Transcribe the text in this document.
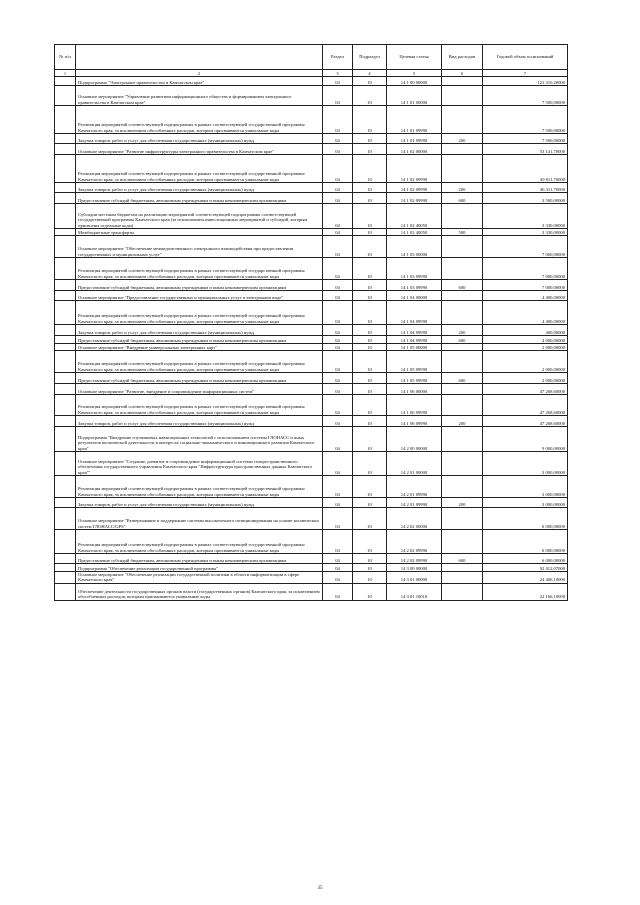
№ п/п		Раздел	Подраздел	Целевая статья	Вид расходов	Годовой объем ассигнований
1	2	3	4	5	6	7
	Подпрограмма "Электронное правительство в Камчатском крае"	04	10	14 1 00 00000		121 310,20000
	Основное мероприятие "Управление развитием информационного общества и формированием электронного правительства в Камчатском крае"	04	10	14 1 01 00000		7 500,00000
	Реализация мероприятий соответствующей подпрограммы в рамках соответствующей государственной программы Камчатского края, за исключением обособленных расходов, которым присваиваются уникальные коды	04	10	14 1 01 09990		7 500,00000
	Закупка товаров, работ и услуг для обеспечения государственных (муниципальных) нужд	04	10	14 1 01 09990	200	7 500,00000
	Основное мероприятие "Развитие инфраструктуры электронного правительства в Камчатском крае"	04	10	14 1 02 00000		53 141,70000
	Реализация мероприятий соответствующей подпрограммы в рамках соответствующей государственной программы Камчатского края, за исключением обособленных расходов, которым присваиваются уникальные коды	04	10	14 1 02 09990		49 811,70000
	Закупка товаров, работ и услуг для обеспечения государственных (муниципальных) нужд	04	10	14 1 02 09990	200	46 311,70000
	Предоставление субсидий бюджетным, автономным учреждениям и иным некоммерческим организациям	04	10	14 1 02 09990	600	3 500,00000
	Субсидии местным бюджетам на реализацию мероприятий соответствующей подпрограммы соответствующей государственной программы Камчатского края (за исключением инвестиционных мероприятий и субсидий, которым присвоены отдельные коды)	04	10	14 1 02 40050		3 330,00000
	Межбюджетные трансферты	04	10	14 1 02 40050	500	3 330,00000
	Основное мероприятие "Обеспечение межведомственного электронного взаимодействия при предоставлении государственных и муниципальных услуг"	04	10	14 1 03 00000		7 000,00000
	Реализация мероприятий соответствующей подпрограммы в рамках соответствующей государственной программы Камчатского края, за исключением обособленных расходов, которым присваиваются уникальные коды	04	10	14 1 03 09990		7 000,00000
	Предоставление субсидий бюджетным, автономным учреждениям и иным некоммерческим организациям	04	10	14 1 03 09990	600	7 000,00000
	Основное мероприятие "Предоставление государственных и муниципальных услуг в электронном виде"	04	10	14 1 04 00000		4 400,00000
	Реализация мероприятий соответствующей подпрограммы в рамках соответствующей государственной программы Камчатского края, за исключением обособленных расходов, которым присваиваются уникальные коды	04	10	14 1 04 09990		4 400,00000
	Закупка товаров, работ и услуг для обеспечения государственных (муниципальных) нужд	04	10	14 1 04 09990	200	400,00000
	Предоставление субсидий бюджетным, автономным учреждениям и иным некоммерческим организациям	04	10	14 1 04 09990	600	4 000,00000
	Основное мероприятие "Внедрение универсальных электронных карт"	04	10	14 1 05 00000		2 000,00000
	Реализация мероприятий соответствующей подпрограммы в рамках соответствующей государственной программы Камчатского края, за исключением обособленных расходов, которым присваиваются уникальные коды	04	10	14 1 05 09990		2 000,00000
	Предоставление субсидий бюджетным, автономным учреждениям и иным некоммерческим организациям	04	10	14 1 05 09990	600	2 000,00000
	Основное мероприятие "Развитие, внедрение и сопровождение информационных систем"	04	10	14 1 06 00000		47 268,60000
	Реализация мероприятий соответствующей подпрограммы в рамках соответствующей государственной программы Камчатского края, за исключением обособленных расходов, которым присваиваются уникальные коды	04	10	14 1 06 09990		47 268,60000
	Закупка товаров, работ и услуг для обеспечения государственных (муниципальных) нужд	04	10	14 1 06 09990	200	47 268,60000
	Подпрограмма "Внедрение спутниковых навигационных технологий с использованием системы ГЛОНАСС и иных результатов космической деятельности в интересах социально-экономического и инновационного развития Камчатского края"	04	10	14 2 00 00000		9 000,00000
	Основное мероприятие "Создание, развитие и сопровождение информационной системы геопространственного обеспечения государственного управления Камчатского края "Инфраструктура пространственных данных Камчатского края""	04	10	14 2 01 00000		3 000,00000
	Реализация мероприятий соответствующей подпрограммы в рамках соответствующей государственной программы Камчатского края, за исключением обособленных расходов, которым присваиваются уникальные коды	04	10	14 2 01 09990		3 000,00000
	Закупка товаров, работ и услуг для обеспечения государственных (муниципальных) нужд	04	10	14 2 01 09990	200	3 000,00000
	Основное мероприятие "Развертывание и поддержание системы высокоточного позиционирования на основе космических систем ГЛОНАСС/GPS"	04	10	14 2 02 00000		6 000,00000
	Реализация мероприятий соответствующей подпрограммы в рамках соответствующей государственной программы Камчатского края, за исключением обособленных расходов, которым присваиваются уникальные коды	04	10	14 2 02 09990		6 000,00000
	Предоставление субсидий бюджетным, автономным учреждениям и иным некоммерческим организациям	04	10	14 2 02 09990	600	6 000,00000
	Подпрограмма "Обеспечение реализации государственной программы"	04	10	14 3 00 00000		92 412,07000
	Основное мероприятие "Обеспечение реализации государственной политики в области информатизации в сфере Камчатского края"	04	10	14 3 01 00000		24 406,10000
	Обеспечение деятельности государственных органов власти (государственных органов) Камчатского края, за исключением обособленных расходов, которым присваиваются уникальные коды.	04	10	14 3 01 10010		22 166,10000
35
